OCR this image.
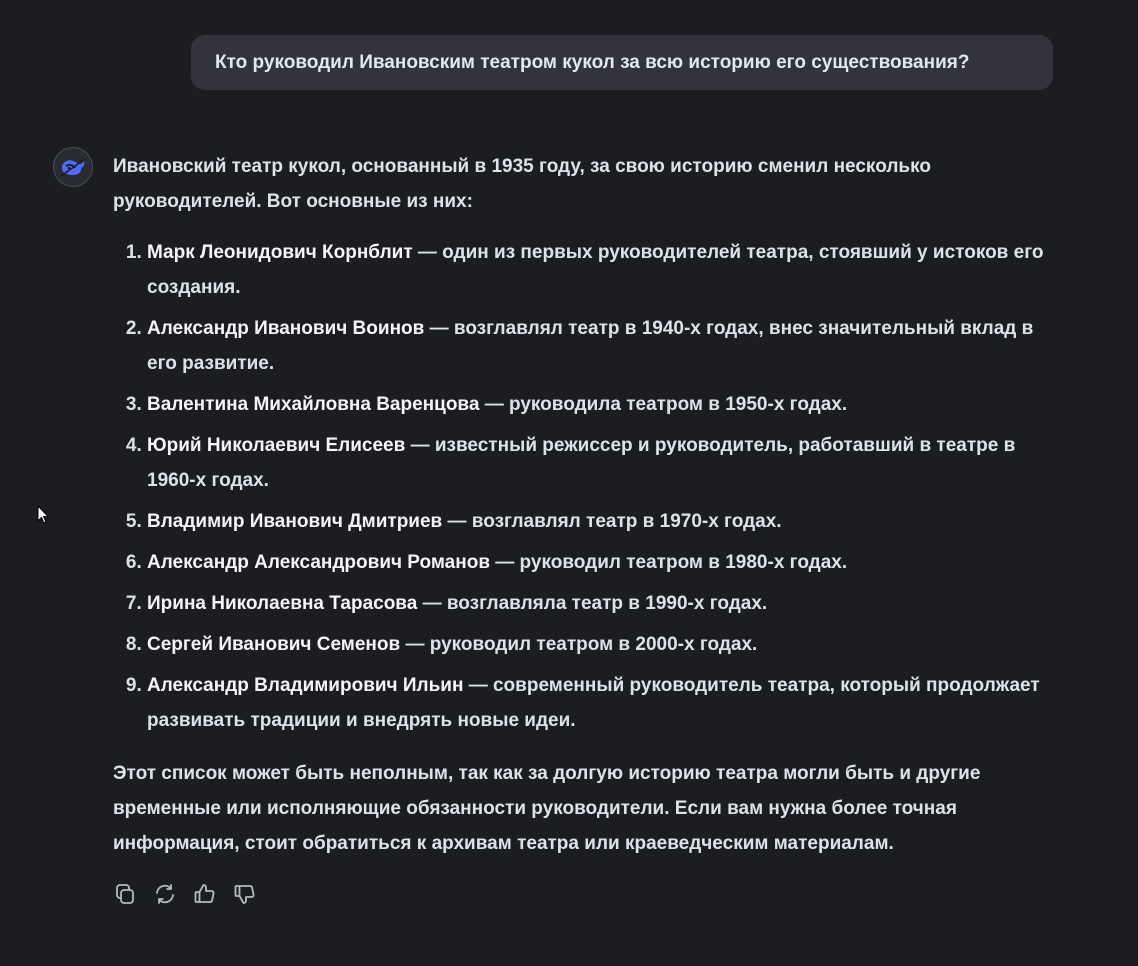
Кто руководил Ивановским театром кукол за всю историю его существования?

Ивановский театр кукол, основанный в 1935 году, за свою историю сменил несколько руководителей. Вот основные из них:

1. Марк Леонидович Корнблит — один из первых руководителей театра, стоявший у истоков его создания.
2. Александр Иванович Воинов — возглавлял театр в 1940-х годах, внес значительный вклад в его развитие.
3. Валентина Михайловна Варенцова — руководила театром в 1950-х годах.
4. Юрий Николаевич Елисеев — известный режиссер и руководитель, работавший в театре в 1960-х годах.
5. Владимир Иванович Дмитриев — возглавлял театр в 1970-х годах.
6. Александр Александрович Романов — руководил театром в 1980-х годах.
7. Ирина Николаевна Тарасова — возглавляла театр в 1990-х годах.
8. Сергей Иванович Семенов — руководил театром в 2000-х годах.
9. Александр Владимирович Ильин — современный руководитель театра, который продолжает развивать традиции и внедрять новые идеи.

Этот список может быть неполным, так как за долгую историю театра могли быть и другие временные или исполняющие обязанности руководители. Если вам нужна более точная информация, стоит обратиться к архивам театра или краеведческим материалам.
